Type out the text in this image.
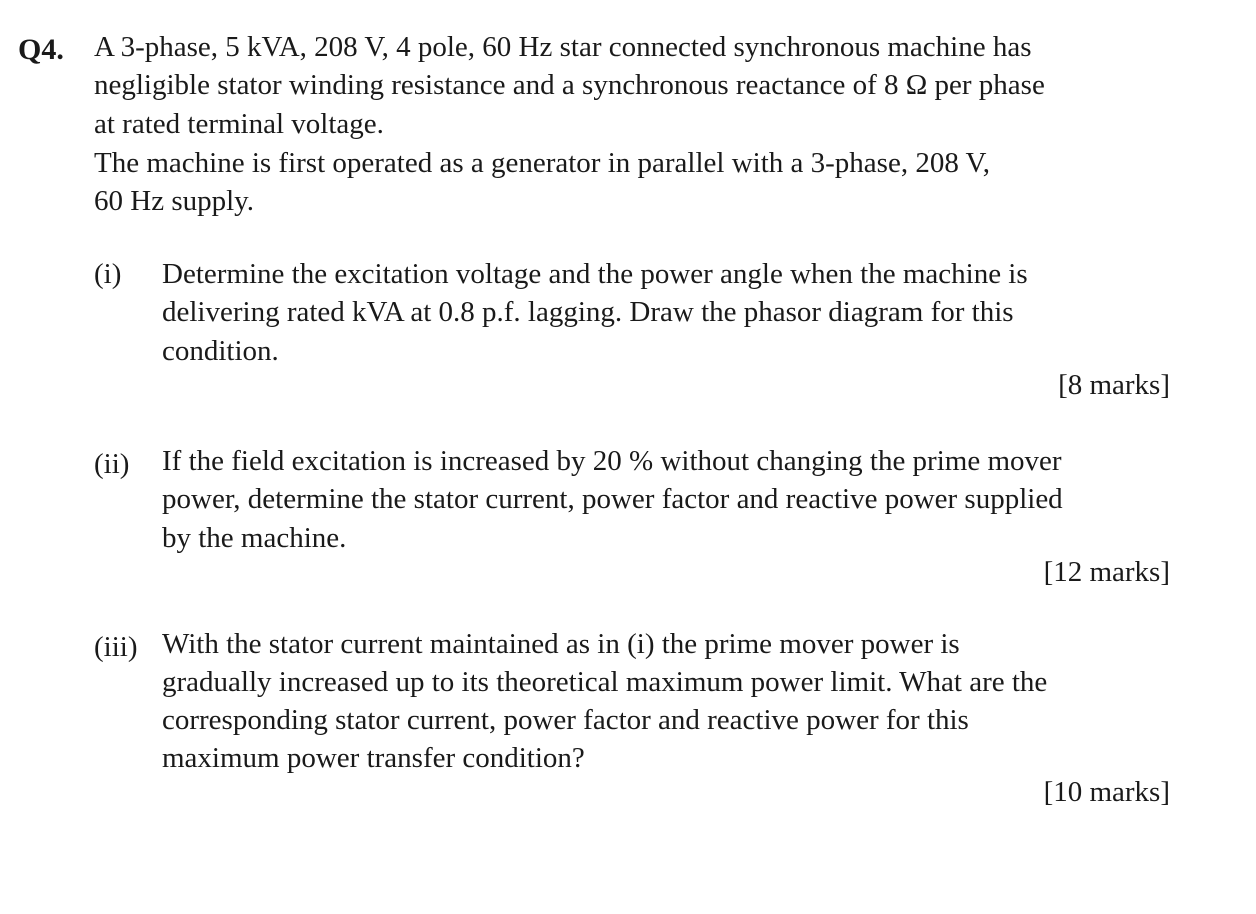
Q4. A 3-phase, 5 kVA, 208 V, 4 pole, 60 Hz star connected synchronous machine has
negligible stator winding resistance and a synchronous reactance of 8 Ω per phase
at rated terminal voltage.
The machine is first operated as a generator in parallel with a 3-phase, 208 V,
60 Hz supply.
(i) Determine the excitation voltage and the power angle when the machine is
delivering rated kVA at 0.8 p.f. lagging. Draw the phasor diagram for this
condition.
[8 marks]
(ii) If the field excitation is increased by 20 % without changing the prime mover
power, determine the stator current, power factor and reactive power supplied
by the machine.
[12 marks]
(iii) With the stator current maintained as in (i) the prime mover power is
gradually increased up to its theoretical maximum power limit. What are the
corresponding stator current, power factor and reactive power for this
maximum power transfer condition?
[10 marks]
